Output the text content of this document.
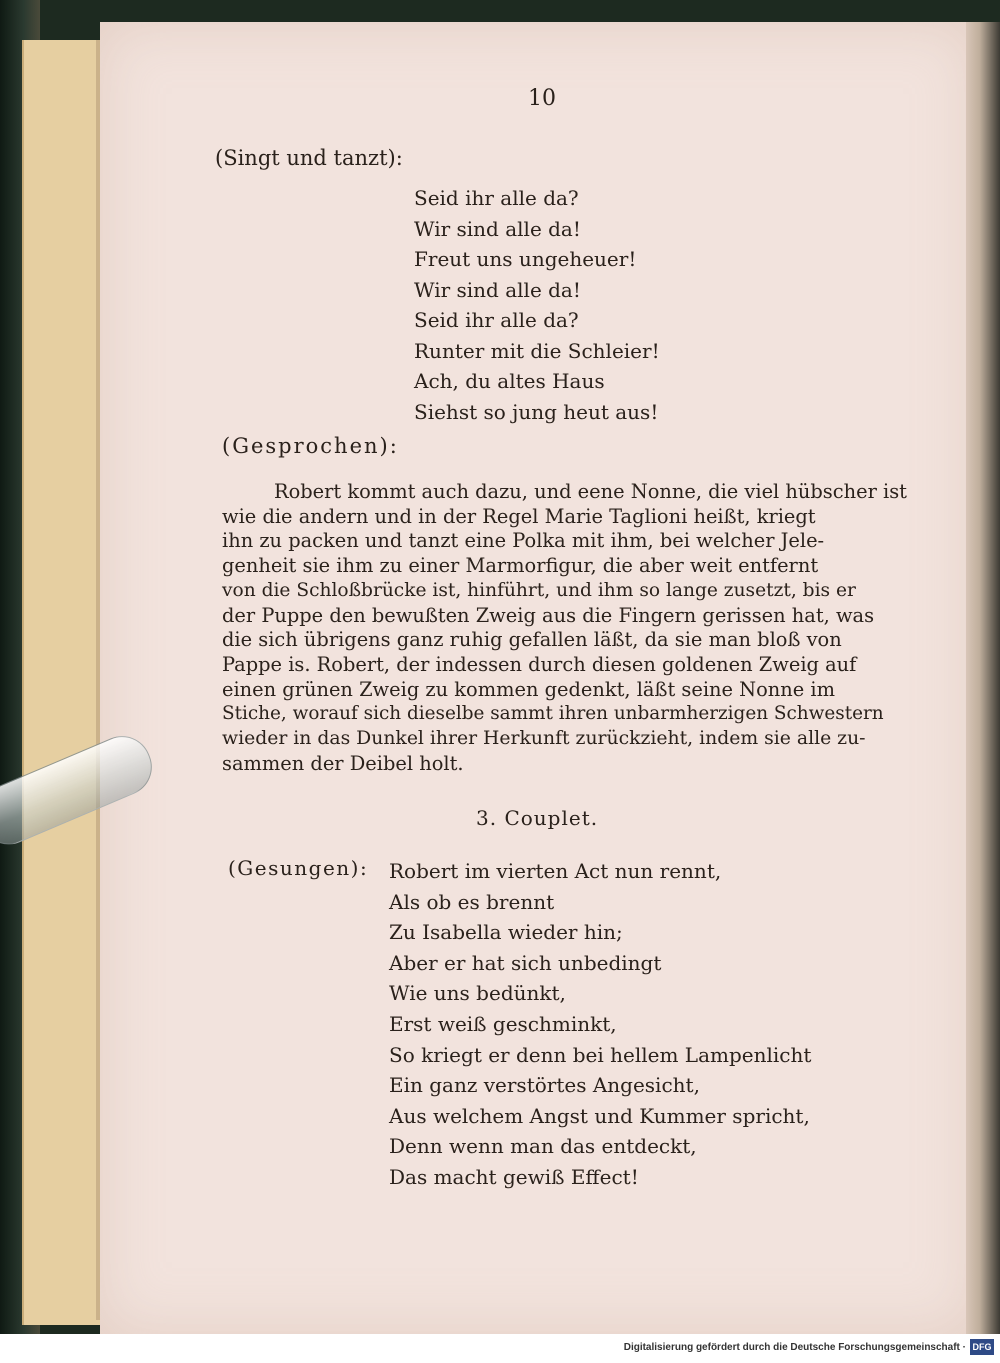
10
(Singt und tanzt):
Seid ihr alle da?
Wir sind alle da!
Freut uns ungeheuer!
Wir sind alle da!
Seid ihr alle da?
Runter mit die Schleier!
Ach, du altes Haus
Siehst so jung heut aus!
(Gesprochen):
Robert kommt auch dazu, und eene Nonne, die viel hübscher ist
wie die andern und in der Regel Marie Taglioni heißt, kriegt
ihn zu packen und tanzt eine Polka mit ihm, bei welcher Jele-
genheit sie ihm zu einer Marmorfigur, die aber weit entfernt
von die Schloßbrücke ist, hinführt, und ihm so lange zusetzt, bis er
der Puppe den bewußten Zweig aus die Fingern gerissen hat, was
die sich übrigens ganz ruhig gefallen läßt, da sie man bloß von
Pappe is. Robert, der indessen durch diesen goldenen Zweig auf
einen grünen Zweig zu kommen gedenkt, läßt seine Nonne im
Stiche, worauf sich dieselbe sammt ihren unbarmherzigen Schwestern
wieder in das Dunkel ihrer Herkunft zurückzieht, indem sie alle zu-
sammen der Deibel holt.
3. Couplet.
(Gesungen): Robert im vierten Act nun rennt,
Als ob es brennt
Zu Isabella wieder hin;
Aber er hat sich unbedingt
Wie uns bedünkt,
Erst weiß geschminkt,
So kriegt er denn bei hellem Lampenlicht
Ein ganz verstörtes Angesicht,
Aus welchem Angst und Kummer spricht,
Denn wenn man das entdeckt,
Das macht gewiß Effect!
Digitalisierung gefördert durch die Deutsche Forschungsgemeinschaft · DFG
